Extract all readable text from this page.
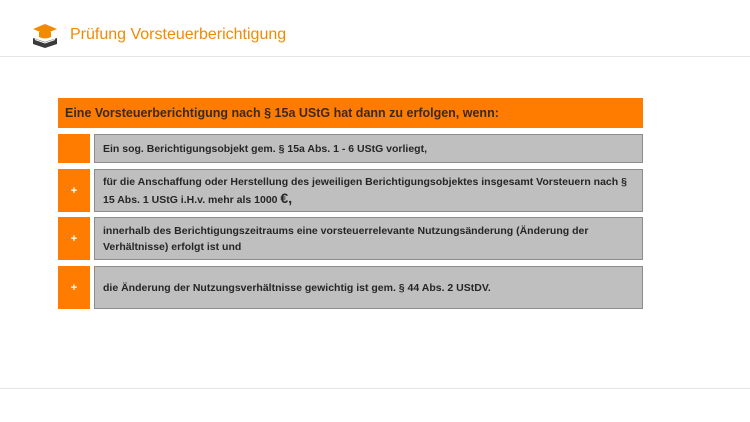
Prüfung Vorsteuerberichtigung
Eine Vorsteuerberichtigung nach § 15a UStG hat dann zu erfolgen, wenn:
Ein sog. Berichtigungsobjekt gem. § 15a Abs. 1 - 6 UStG vorliegt,
+
für die Anschaffung oder Herstellung des jeweiligen Berichtigungsobjektes insgesamt Vorsteuern nach § 15 Abs. 1 UStG i.H.v. mehr als 1000 €,
+
innerhalb des Berichtigungszeitraums eine vorsteuerrelevante Nutzungsänderung (Änderung der Verhältnisse) erfolgt ist und
+	die Änderung der Nutzungsverhältnisse gewichtig ist gem. § 44 Abs. 2 UStDV.
